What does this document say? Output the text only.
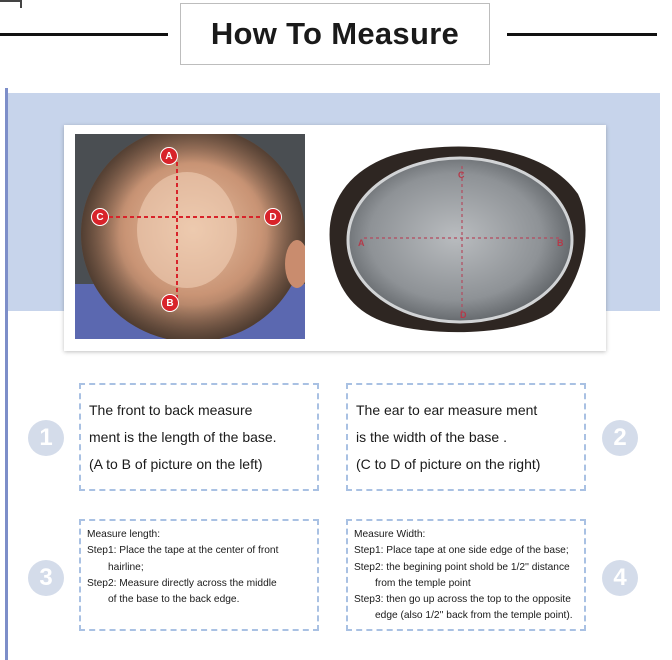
How To Measure
A
B
C	D
C
D
A	B
1
The front to back measure
ment is the length of the base.
(A to B of picture on the left)
The ear to ear measure ment
is the width of the base .
(C to D of picture on the right)
2
3
Measure length:
Step1: Place the tape at the center of front
hairline;
Step2: Measure directly across the middle
of the base to the back edge.
Measure Width:
Step1: Place tape at one side edge of the base;
Step2: the begining point shold be 1/2'' distance
from the temple point
Step3: then go up across the top to the opposite
edge (also 1/2'' back from the temple point).
4
